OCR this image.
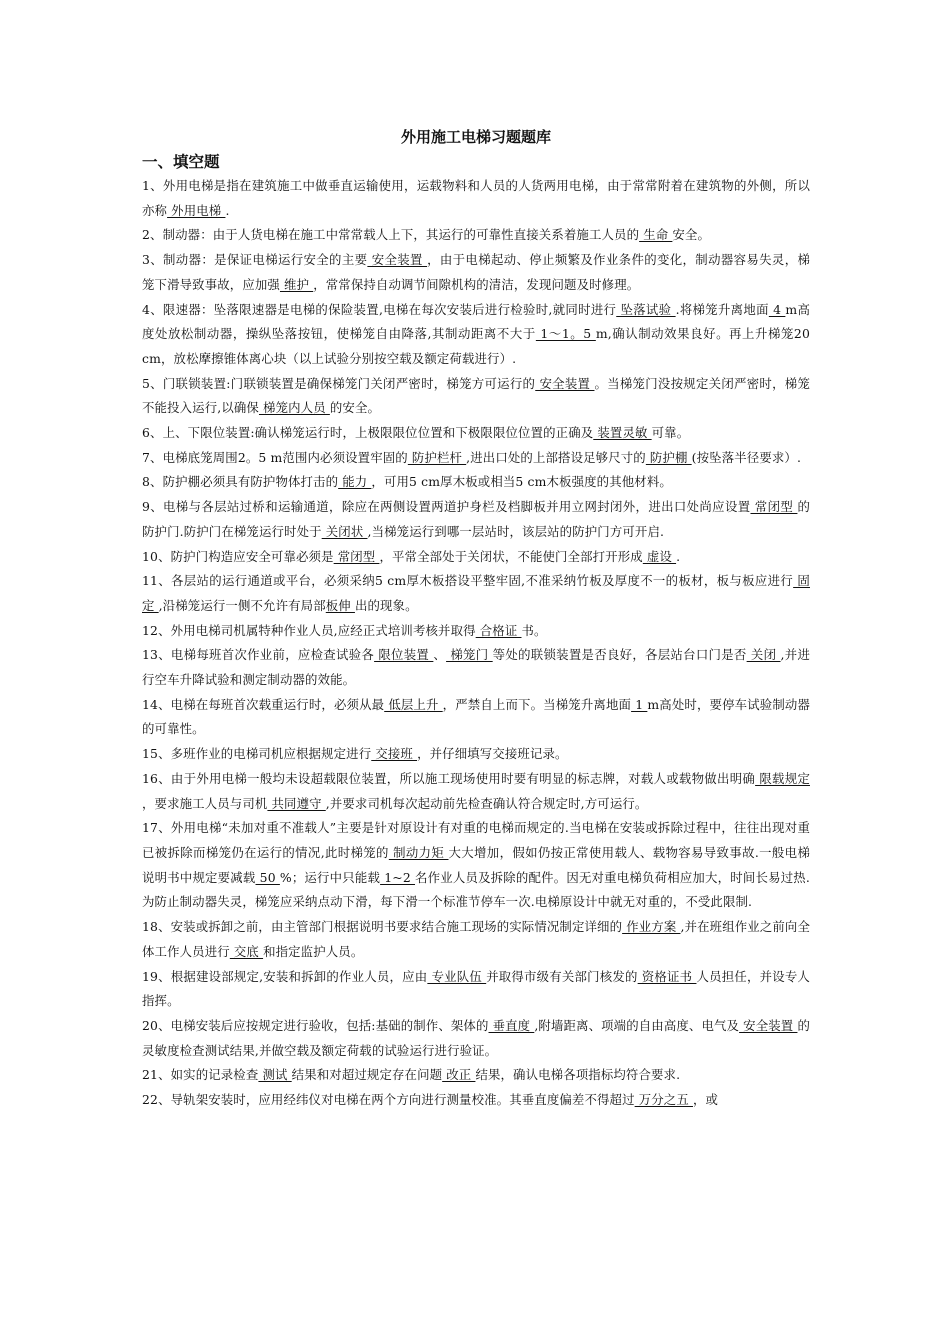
外用施工电梯习题题库
一、填空题

1、外用电梯是指在建筑施工中做垂直运输使用，运载物料和人员的人货两用电梯，由于常常附着在建筑物的外侧，所以亦称 外用电梯 .

2、制动器：由于人货电梯在施工中常常载人上下，其运行的可靠性直接关系着施工人员的 生命 安全。

3、制动器：是保证电梯运行安全的主要 安全装置 ，由于电梯起动、停止频繁及作业条件的变化，制动器容易失灵，梯笼下滑导致事故，应加强 维护 ，常常保持自动调节间隙机构的清洁，发现问题及时修理。

4、限速器：坠落限速器是电梯的保险装置,电梯在每次安装后进行检验时,就同时进行 坠落试验 .将梯笼升离地面 4 m高度处放松制动器，操纵坠落按钮，使梯笼自由降落,其制动距离不大于 1～1。5 m,确认制动效果良好。再上升梯笼20 cm，放松摩擦锥体离心块（以上试验分别按空载及额定荷载进行）.

5、门联锁装置:门联锁装置是确保梯笼门关闭严密时，梯笼方可运行的 安全装置 。当梯笼门没按规定关闭严密时，梯笼不能投入运行,以确保 梯笼内人员 的安全。

6、上、下限位装置:确认梯笼运行时，上极限限位位置和下极限限位位置的正确及 装置灵敏 可靠。

7、电梯底笼周围2。5 m范围内必须设置牢固的 防护栏杆 ,进出口处的上部搭设足够尺寸的 防护棚 (按坠落半径要求）.

8、防护棚必须具有防护物体打击的 能力 ，可用5 cm厚木板或相当5 cm木板强度的其他材料。

9、电梯与各层站过桥和运输通道，除应在两侧设置两道护身栏及档脚板并用立网封闭外，进出口处尚应设置 常闭型 的防护门.防护门在梯笼运行时处于 关闭状 ,当梯笼运行到哪一层站时，该层站的防护门方可开启.

10、防护门构造应安全可靠必须是 常闭型 ，平常全部处于关闭状，不能使门全部打开形成 虚设 .

11、各层站的运行通道或平台，必须采纳5 cm厚木板搭设平整牢固,不准采纳竹板及厚度不一的板材，板与板应进行 固定 ,沿梯笼运行一侧不允许有局部板伸 出的现象。

12、外用电梯司机属特种作业人员,应经正式培训考核并取得 合格证 书。

13、电梯每班首次作业前，应检查试验各 限位装置 、 梯笼门 等处的联锁装置是否良好，各层站台口门是否 关闭 ,并进行空车升降试验和测定制动器的效能。

14、电梯在每班首次载重运行时，必须从最 低层上升 ，严禁自上而下。当梯笼升离地面 1 m高处时，要停车试验制动器的可靠性。

15、多班作业的电梯司机应根据规定进行 交接班 ，并仔细填写交接班记录。

16、由于外用电梯一般均未设超载限位装置，所以施工现场使用时要有明显的标志牌，对载人或载物做出明确 限载规定 ，要求施工人员与司机 共同遵守 ,并要求司机每次起动前先检查确认符合规定时,方可运行。

17、外用电梯“未加对重不准载人”主要是针对原设计有对重的电梯而规定的.当电梯在安装或拆除过程中，往往出现对重已被拆除而梯笼仍在运行的情况,此时梯笼的 制动力矩 大大增加，假如仍按正常使用载人、载物容易导致事故.一般电梯说明书中规定要减载 50 %；运行中只能载 1~2 名作业人员及拆除的配件。因无对重电梯负荷相应加大，时间长易过热.为防止制动器失灵，梯笼应采纳点动下滑，每下滑一个标准节停车一次.电梯原设计中就无对重的，不受此限制.

18、安装或拆卸之前，由主管部门根据说明书要求结合施工现场的实际情况制定详细的 作业方案 ,并在班组作业之前向全体工作人员进行 交底 和指定监护人员。

19、根据建设部规定,安装和拆卸的作业人员，应由 专业队伍 并取得市级有关部门核发的 资格证书 人员担任，并设专人指挥。

20、电梯安装后应按规定进行验收，包括:基础的制作、架体的 垂直度 ,附墙距离、项端的自由高度、电气及 安全装置 的灵敏度检查测试结果,并做空载及额定荷载的试验运行进行验证。

21、如实的记录检查 测试 结果和对超过规定存在问题 改正 结果，确认电梯各项指标均符合要求.

22、导轨架安装时，应用经纬仪对电梯在两个方向进行测量校准。其垂直度偏差不得超过 万分之五 ，或
